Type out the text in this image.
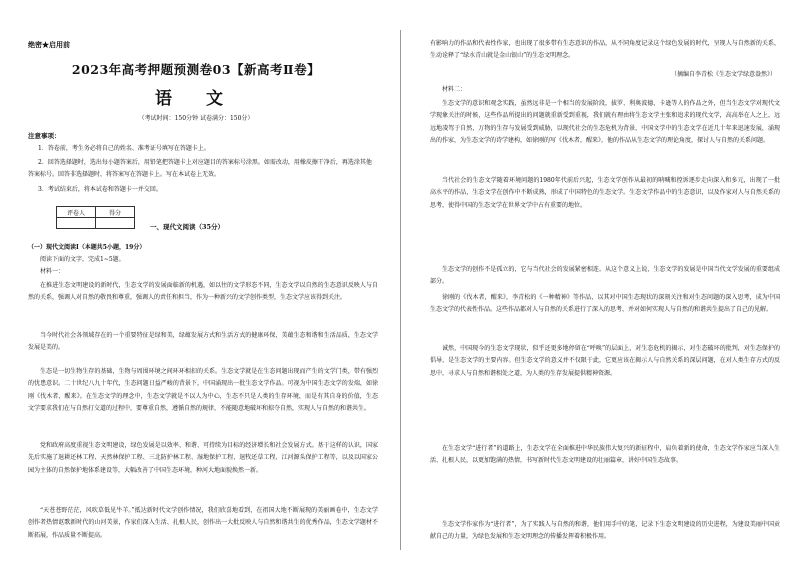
绝密★启用前
2023年高考押题预测卷03【新高考Ⅱ卷】
语 文
（考试时间：150分钟 试卷满分：150分）
注意事项：
1．答卷前，考生务必将自己的姓名、准考证号填写在答题卡上。
2．回答选择题时，选出每小题答案后，用铅笔把答题卡上对应题目的答案标号涂黑。如需改动，用橡皮擦干净后，再选涂其他答案标号。回答非选择题时，将答案写在答题卡上。写在本试卷上无效。
3．考试结束后，将本试卷和答题卡一并交回。
评卷人	得分

一、现代文阅读（35分）
（一）现代文阅读Ⅰ（本题共5小题，19分）
阅读下面的文字，完成1~5题。
材料一：
在推进生态文明建设的新时代，生态文学的发展面临新的机遇，如以往的文学形态不同，生态文学以自然的生态意识反映人与自然的关系，强调人对自然的敬畏和尊重，强调人的责任和担当，作为一种新兴的文学创作类型，生态文学应该得到关注。
当今时代社会各领域存在的一个重要特征是绿和美，绿蕴发展方式和生活方式的健康环保，美蕴生态和谐和生活品质，生态文学发展是美的。
生态是一切生物生存的基础，生物与周围环境之间环环相扣的关系。生态文学就是在生态问题出现而产生的文学门类，带有强烈的忧患意识。二十世纪八九十年代，生态问题日益严峻的背景下，中国涌现出一批生态文学作品。可视为中国生态文学的发端，如徐刚《伐木者，醒来》。在生态文学的理念中，生态文学就是不以人为中心，生态不只是人类的生存环境，而是有其自身的价值，生态文学要求我们在与自然打交道的过程中，要尊重自然，遵循自然的规律，不能随意地破坏和掠夺自然，实现人与自然的和谐共生。
党和政府高度重视生态文明建设，绿色发展是以效率、和谐、可持续为目标的经济增长和社会发展方式。基于这样的认识，国家先后实施了退耕还林工程、天然林保护工程、三北防护林工程、湿地保护工程、退牧还草工程、江河源头保护工程等，以及以国家公园为主体的自然保护地体系建设等，大幅改善了中国生态环境，种河大地面貌焕然一新。
“天苍苍野茫茫，风吹草低见牛羊。”抵达新时代文学创作情况，我们欣喜地看到，在祖国大地不断展现的美丽画卷中，生态文学创作者热情讴歌新时代的山河美景，作家们深入生活、扎根人民，创作出一大批反映人与自然和谐共生的优秀作品，生态文学题材不断拓展，作品质量不断提高。
有影响力的作品和代表性作家，也出现了很多带有生态意识的作品，从不同角度记录这个绿色发展的时代，呈现人与自然新的关系，生动诠释了“绿水青山就是金山银山”的生态文明理念。
（摘编自李青松《生态文学绿意盎然》）
材料二：
生态文学的意识和观念实践，虽然远非是一个相当的发展阶段，拔罗、利奥波德、卡逊等人的作品之外，但当生态文学对现代文学现象关注的时候，这些作品所提出的问题就重新受到重视，我们就有理由将生态文学主张和追求的现代文学，高高举在人之上，远远地凌驾于自然，万物的生存与发展受到威胁，以现代社会的生态危机为背景，中国文学中的生态文学在近几十年来迅速发展，涌现出的作家，为生态文学的诗学建构，如徐刚的写《伐木者，醒来》，他的作品从生态文学的理论角度，探讨人与自然的关系问题。
当代社会的生态文学随着环境问题的1980年代前后兴起，生态文学创作从最初的呐喊和控诉逐步走向深入和多元，出现了一批高水平的作品，生态文学在创作中不断成熟，形成了中国特色的生态文学。生态文学作品中的生态意识，以及作家对人与自然关系的思考，使得中国的生态文学在世界文学中占有重要的地位。
生态文学的创作不是孤立的，它与当代社会的发展紧密相连。从这个意义上说，生态文学的发展是中国当代文学发展的重要组成部分。
徐刚的《伐木者，醒来》，李青松的《一种精神》等作品，以其对中国生态现状的深刻关注和对生态问题的深入思考，成为中国生态文学的代表性作品。这些作品都对人与自然的关系进行了深入的思考，并对如何实现人与自然的和谐共生提出了自己的见解。
诚然，中国现今的生态文学现状，似乎还更多地停留在“呼唤”的层面上，对生态危机的揭示，对生态破坏的批判，对生态保护的倡导，是生态文学的主要内容。但生态文学的意义并不仅限于此，它更应该在揭示人与自然关系的深层问题，在对人类生存方式的反思中，寻求人与自然和谐相处之道，为人类的生存发展提供精神资源。
在生态文学“进行者”的道路上，生态文学在全面推进中华民族伟大复兴的新征程中，肩负着新的使命，生态文学作家应当深入生活、扎根人民，以更加饱满的热情，书写新时代生态文明建设的壮丽篇章，讲好中国生态故事。
生态文学作家作为“进行者”，为了实践人与自然的和谐，他们用手中的笔，记录下生态文明建设的历史进程，为建设美丽中国贡献自己的力量，为绿色发展和生态文明理念的传播发挥着积极作用。
